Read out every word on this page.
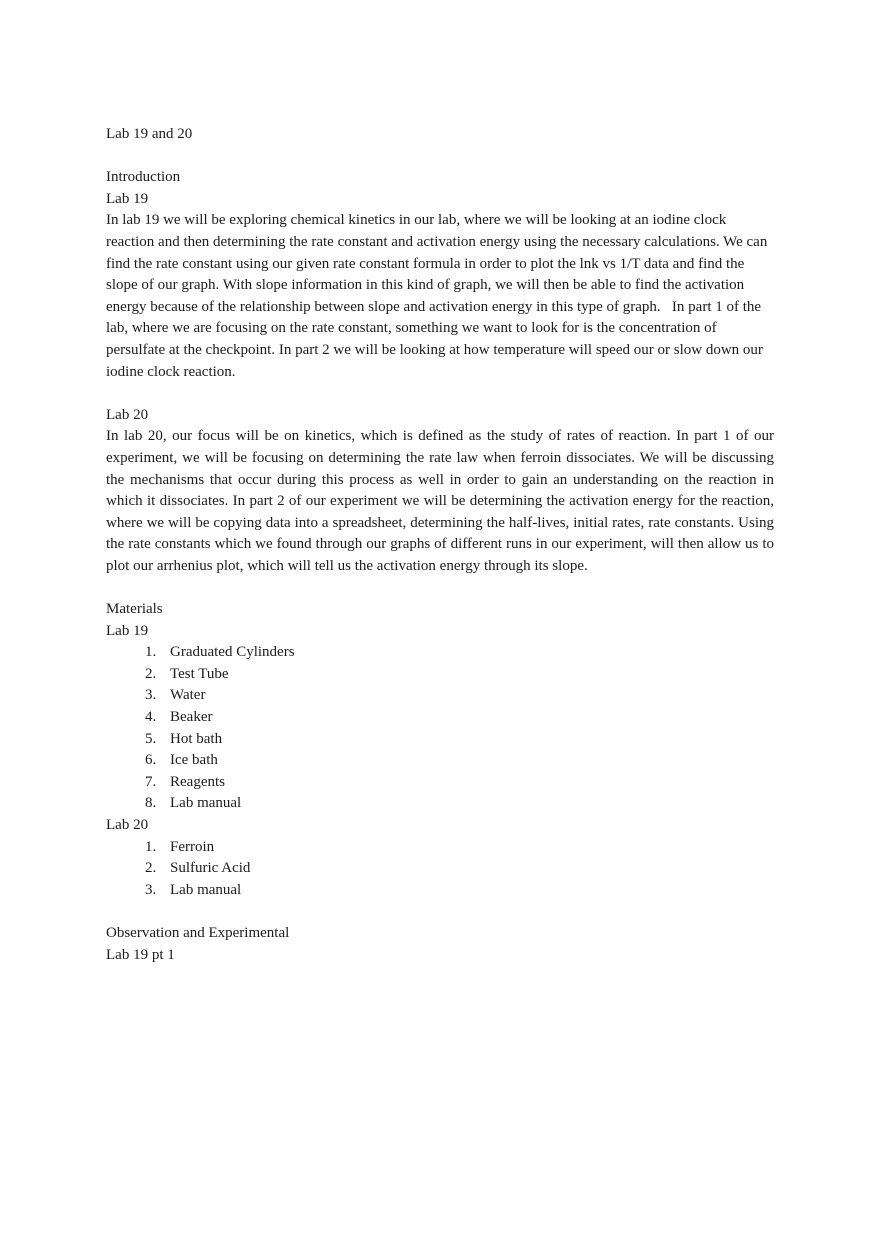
Lab 19 and 20

Introduction

Lab 19

In lab 19 we will be exploring chemical kinetics in our lab, where we will be looking at an iodine clock reaction and then determining the rate constant and activation energy using the necessary calculations. We can find the rate constant using our given rate constant formula in order to plot the lnk vs 1/T data and find the slope of our graph. With slope information in this kind of graph, we will then be able to find the activation energy because of the relationship between slope and activation energy in this type of graph.   In part 1 of the lab, where we are focusing on the rate constant, something we want to look for is the concentration of persulfate at the checkpoint. In part 2 we will be looking at how temperature will speed our or slow down our iodine clock reaction.

Lab 20

In lab 20, our focus will be on kinetics, which is defined as the study of rates of reaction. In part 1 of our experiment, we will be focusing on determining the rate law when ferroin dissociates. We will be discussing the mechanisms that occur during this process as well in order to gain an understanding on the reaction in which it dissociates. In part 2 of our experiment we will be determining the activation energy for the reaction, where we will be copying data into a spreadsheet, determining the half-lives, initial rates, rate constants. Using the rate constants which we found through our graphs of different runs in our experiment, will then allow us to plot our arrhenius plot, which will tell us the activation energy through its slope.

Materials

Lab 19

1. Graduated Cylinders
2. Test Tube
3. Water
4. Beaker
5. Hot bath
6. Ice bath
7. Reagents
8. Lab manual

Lab 20

1. Ferroin
2. Sulfuric Acid
3. Lab manual

Observation and Experimental

Lab 19 pt 1
